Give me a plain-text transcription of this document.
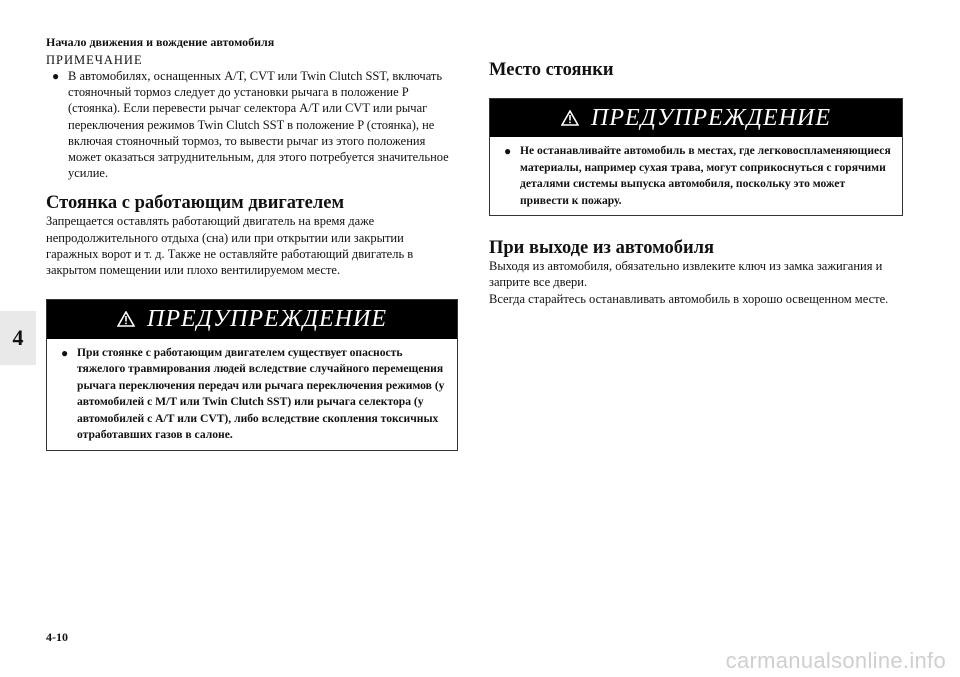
Начало движения и вождение автомобиля
4
ПРИМЕЧАНИЕ
● В автомобилях, оснащенных A/T, CVT или Twin Clutch SST, включать стояночный тормоз следует до установки рычага в положение P (стоянка). Если перевести рычаг селектора A/T или CVT или рычаг переключения режимов Twin Clutch SST в положение P (стоянка), не включая стояночный тормоз, то вывести рычаг из этого положения может оказаться затруднительным, для этого потребуется значительное усилие.
Стоянка с работающим двигателем
Запрещается оставлять работающий двигатель на время даже непродолжительного отдыха (сна) или при открытии или закрытии гаражных ворот и т. д. Также не оставляйте работающий двигатель в закрытом помещении или плохо вентилируемом месте.
ПРЕДУПРЕЖДЕНИЕ
● При стоянке с работающим двигателем существует опасность тяжелого травмирования людей вследствие случайного перемещения рычага переключения передач или рычага переключения режимов (у автомобилей с M/T или Twin Clutch SST) или рычага селектора (у автомобилей с A/T или CVT), либо вследствие скопления токсичных отработавших газов в салоне.
Место стоянки
ПРЕДУПРЕЖДЕНИЕ
● Не останавливайте автомобиль в местах, где легковоспламеняющиеся материалы, например сухая трава, могут соприкоснуться с горячими деталями системы выпуска автомобиля, поскольку это может привести к пожару.
При выходе из автомобиля
Выходя из автомобиля, обязательно извлеките ключ из замка зажигания и заприте все двери.
Всегда старайтесь останавливать автомобиль в хорошо освещенном месте.
4-10
carmanualsonline.info
